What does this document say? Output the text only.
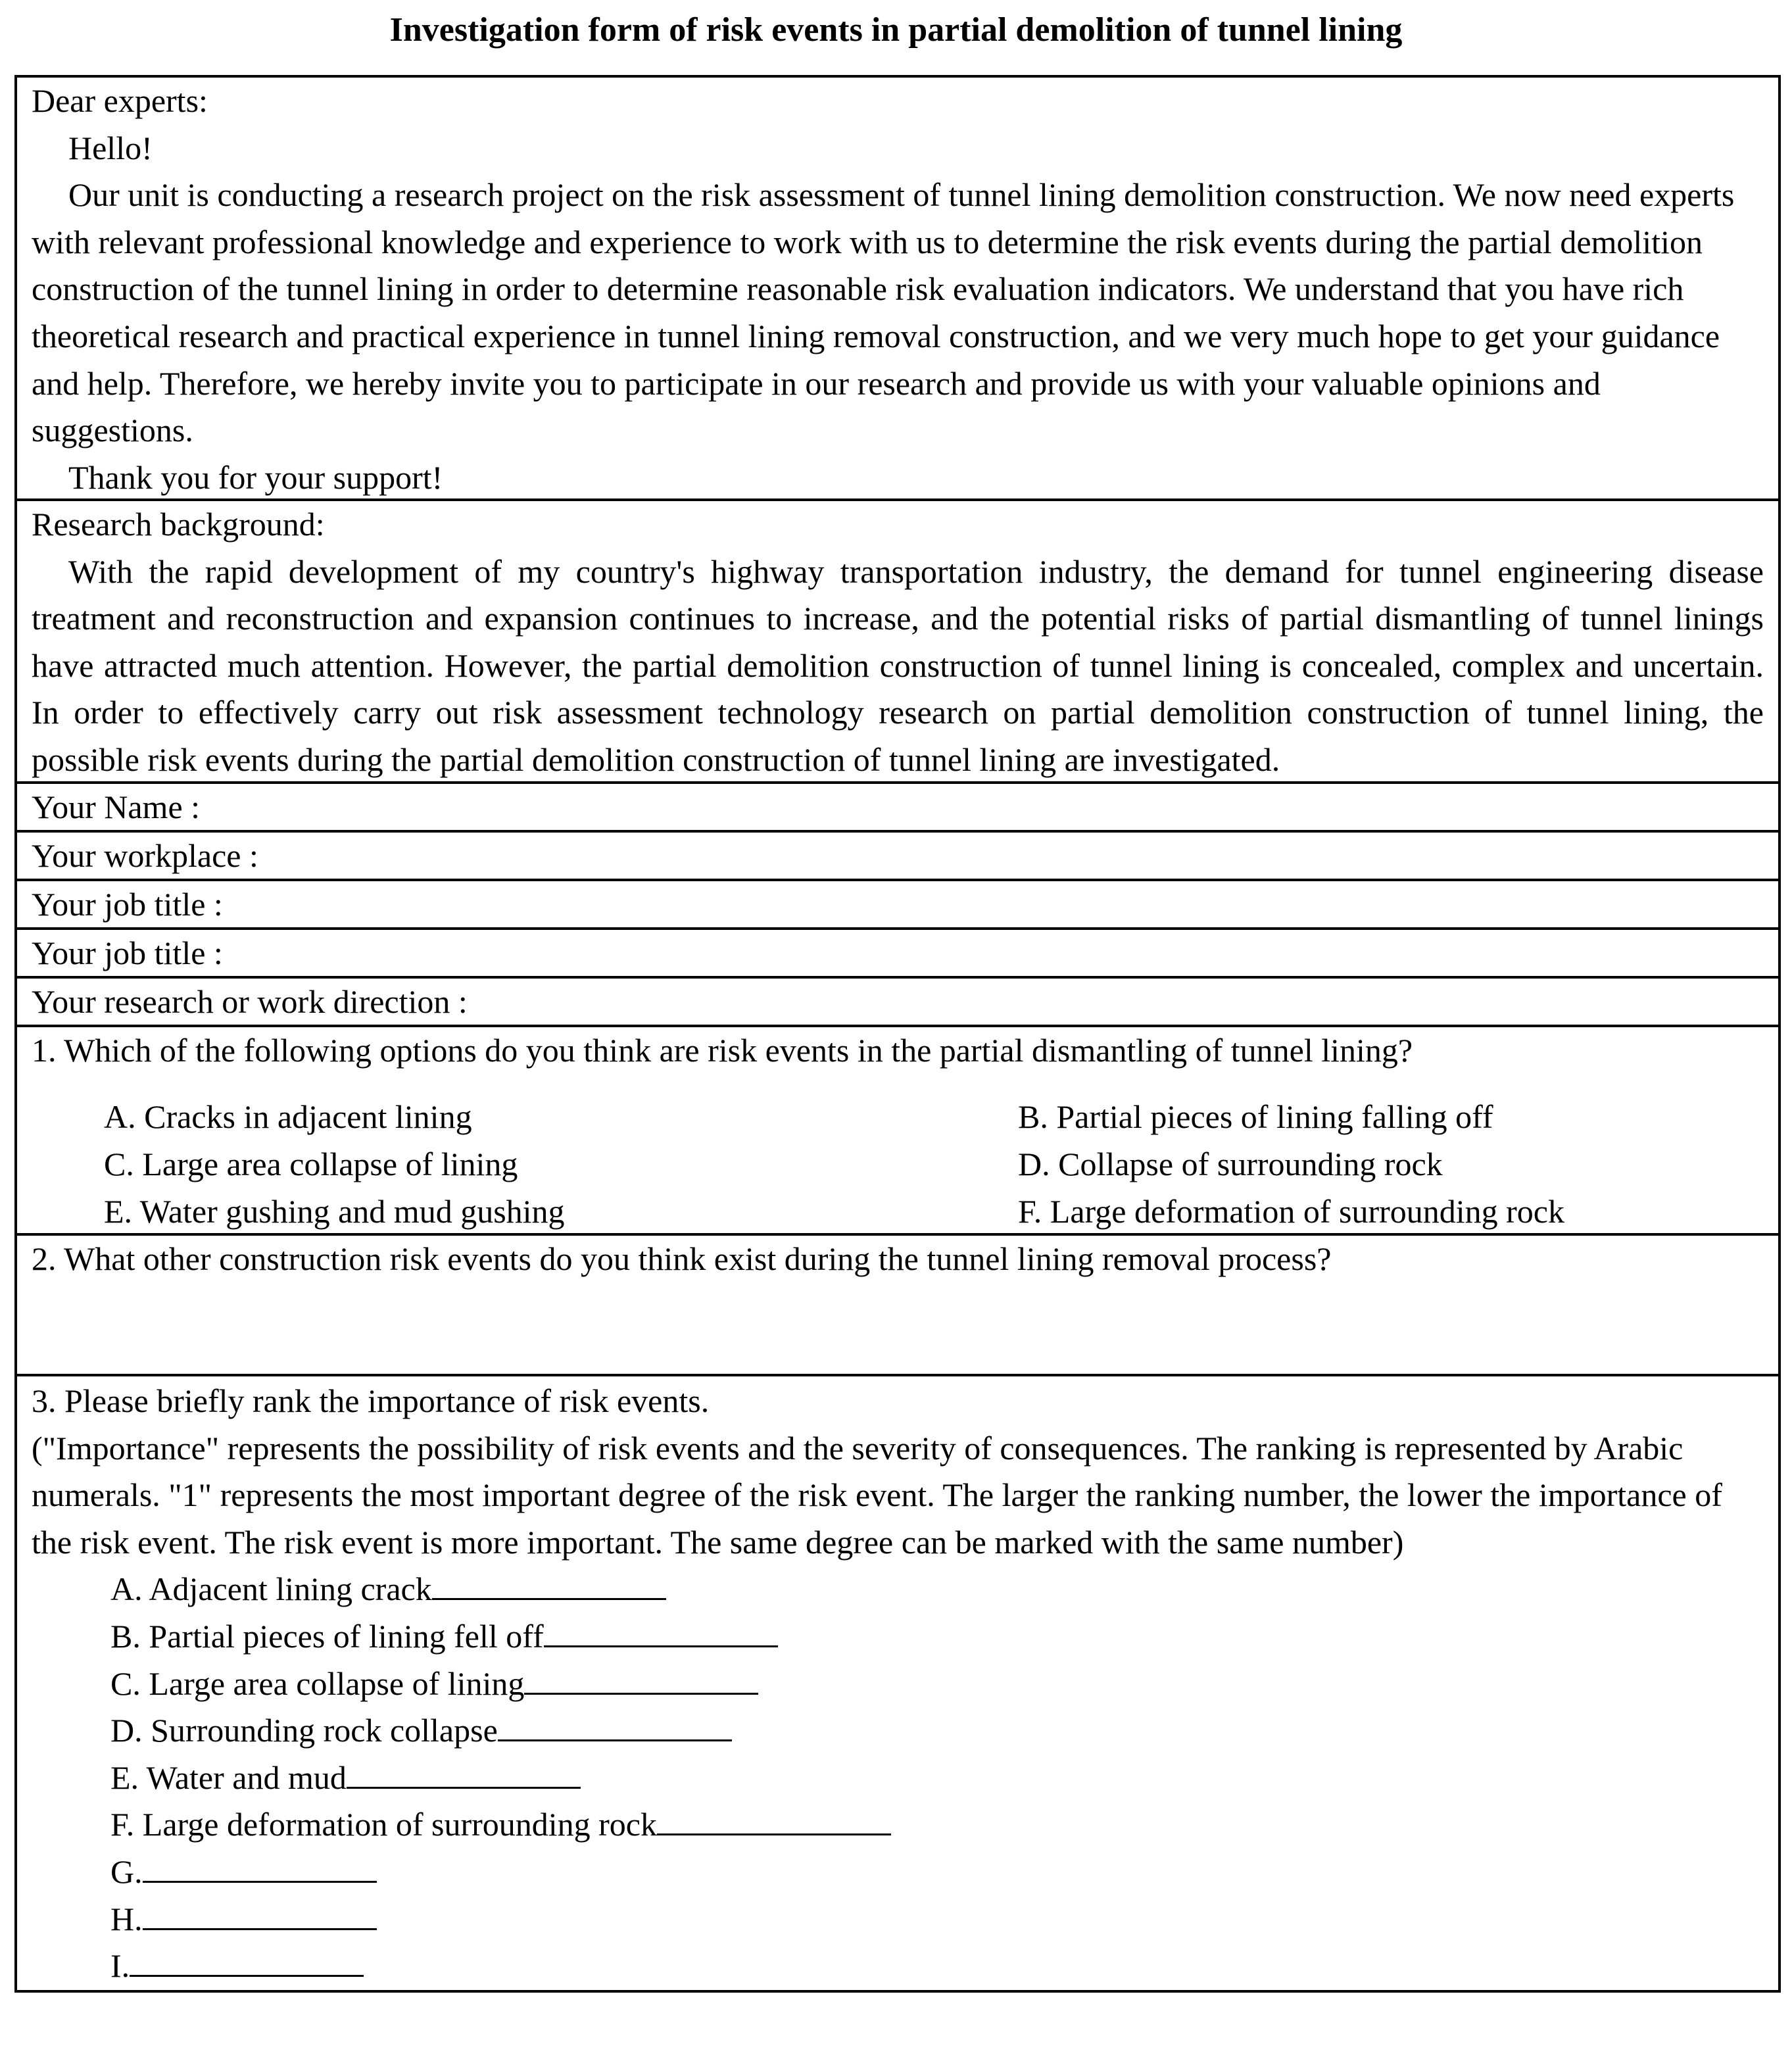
Investigation form of risk events in partial demolition of tunnel lining

Dear experts:

Hello!

Our unit is conducting a research project on the risk assessment of tunnel lining demolition construction. We now need experts with relevant professional knowledge and experience to work with us to determine the risk events during the partial demolition construction of the tunnel lining in order to determine reasonable risk evaluation indicators. We understand that you have rich theoretical research and practical experience in tunnel lining removal construction, and we very much hope to get your guidance and help. Therefore, we hereby invite you to participate in our research and provide us with your valuable opinions and suggestions.

Thank you for your support!

Research background:

With the rapid development of my country's highway transportation industry, the demand for tunnel engineering disease treatment and reconstruction and expansion continues to increase, and the potential risks of partial dismantling of tunnel linings have attracted much attention. However, the partial demolition construction of tunnel lining is concealed, complex and uncertain. In order to effectively carry out risk assessment technology research on partial demolition construction of tunnel lining, the possible risk events during the partial demolition construction of tunnel lining are investigated.

Your Name :
Your workplace :
Your job title :
Your job title :
Your research or work direction :

1. Which of the following options do you think are risk events in the partial dismantling of tunnel lining?

A. Cracks in adjacent lining	B. Partial pieces of lining falling off
C. Large area collapse of lining	D. Collapse of surrounding rock
E. Water gushing and mud gushing	F. Large deformation of surrounding rock

2. What other construction risk events do you think exist during the tunnel lining removal process?

3. Please briefly rank the importance of risk events.

("Importance" represents the possibility of risk events and the severity of consequences. The ranking is represented by Arabic numerals. "1" represents the most important degree of the risk event. The larger the ranking number, the lower the importance of the risk event. The risk event is more important. The same degree can be marked with the same number)

A. Adjacent lining crack

B. Partial pieces of lining fell off

C. Large area collapse of lining

D. Surrounding rock collapse

E. Water and mud

F. Large deformation of surrounding rock

G.

H.

I.
